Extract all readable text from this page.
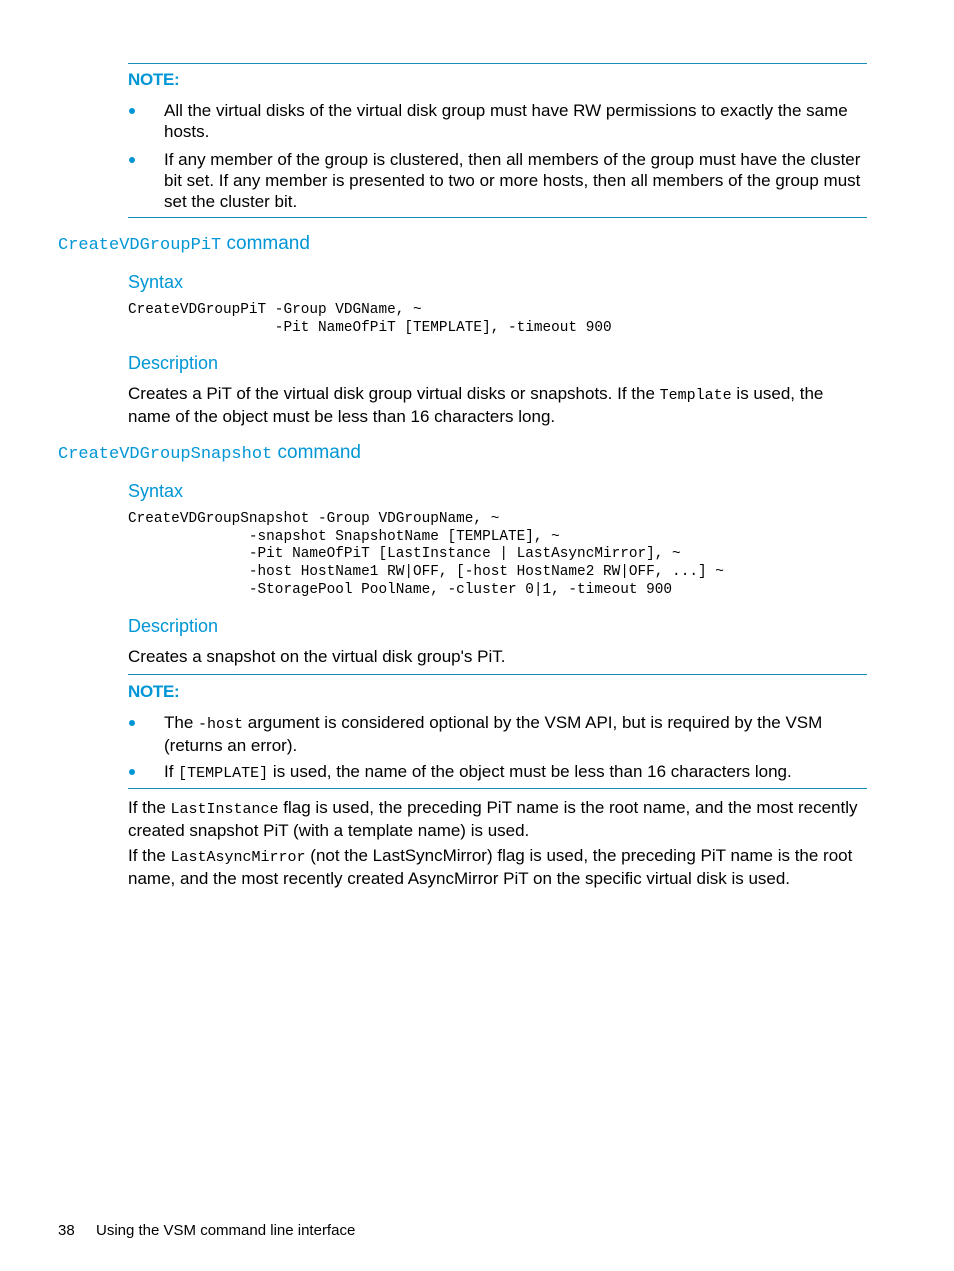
NOTE:
All the virtual disks of the virtual disk group must have RW permissions to exactly the same hosts.
If any member of the group is clustered, then all members of the group must have the cluster bit set. If any member is presented to two or more hosts, then all members of the group must set the cluster bit.
CreateVDGroupPiT command
Syntax
CreateVDGroupPiT -Group VDGName, ~
-Pit NameOfPiT [TEMPLATE], -timeout 900
Description
Creates a PiT of the virtual disk group virtual disks or snapshots. If the Template is used, the name of the object must be less than 16 characters long.
CreateVDGroupSnapshot command
Syntax
CreateVDGroupSnapshot -Group VDGroupName, ~
-snapshot SnapshotName [TEMPLATE], ~
-Pit NameOfPiT [LastInstance | LastAsyncMirror], ~
-host HostName1 RW|OFF, [-host HostName2 RW|OFF, ...] ~
-StoragePool PoolName, -cluster 0|1, -timeout 900
Description
Creates a snapshot on the virtual disk group's PiT.
NOTE:
The -host argument is considered optional by the VSM API, but is required by the VSM (returns an error).
If [TEMPLATE] is used, the name of the object must be less than 16 characters long.
If the LastInstance flag is used, the preceding PiT name is the root name, and the most recently created snapshot PiT (with a template name) is used.
If the LastAsyncMirror (not the LastSyncMirror) flag is used, the preceding PiT name is the root name, and the most recently created AsyncMirror PiT on the specific virtual disk is used.
38 Using the VSM command line interface
